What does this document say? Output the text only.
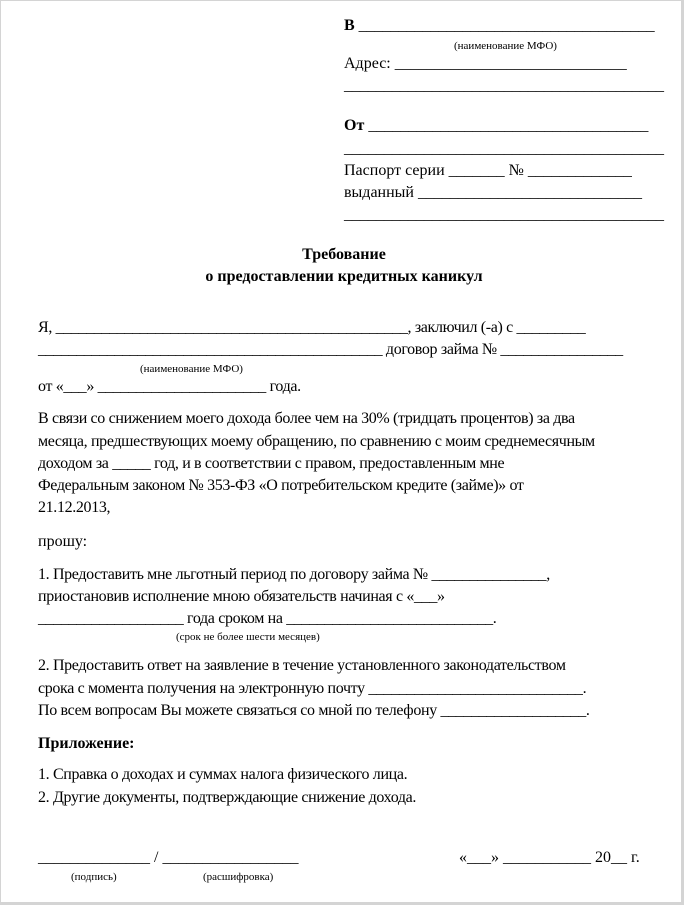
В _____________________________________
(наименование МФО)
Адрес: _____________________________
________________________________________
От ___________________________________
________________________________________
Паспорт серии _______ № _____________
выданный ____________________________
________________________________________
Требование
о предоставлении кредитных каникул
Я, ______________________________________________, заключил (-а) с _________
_____________________________________________ договор займа № ________________
(наименование МФО)
от «___» ______________________ года.
В связи со снижением моего дохода более чем на 30% (тридцать процентов) за два
месяца, предшествующих моему обращению, по сравнению с моим среднемесячным
доходом за _____ год, и в соответствии с правом, предоставленным мне
Федеральным законом № 353-ФЗ «О потребительском кредите (займе)» от
21.12.2013,
прошу:
1. Предоставить мне льготный период по договору займа № _______________,
приостановив исполнение мною обязательств начиная с «___»
___________________ года сроком на ___________________________.
(срок не более шести месяцев)
2. Предоставить ответ на заявление в течение установленного законодательством
срока с момента получения на электронную почту ____________________________.
По всем вопросам Вы можете связаться со мной по телефону ___________________.
Приложение:
1. Справка о доходах и суммах налога физического лица.
2. Другие документы, подтверждающие снижение дохода.
______________ / _________________
(подпись)	(расшифровка)
«___» ___________ 20__ г.
